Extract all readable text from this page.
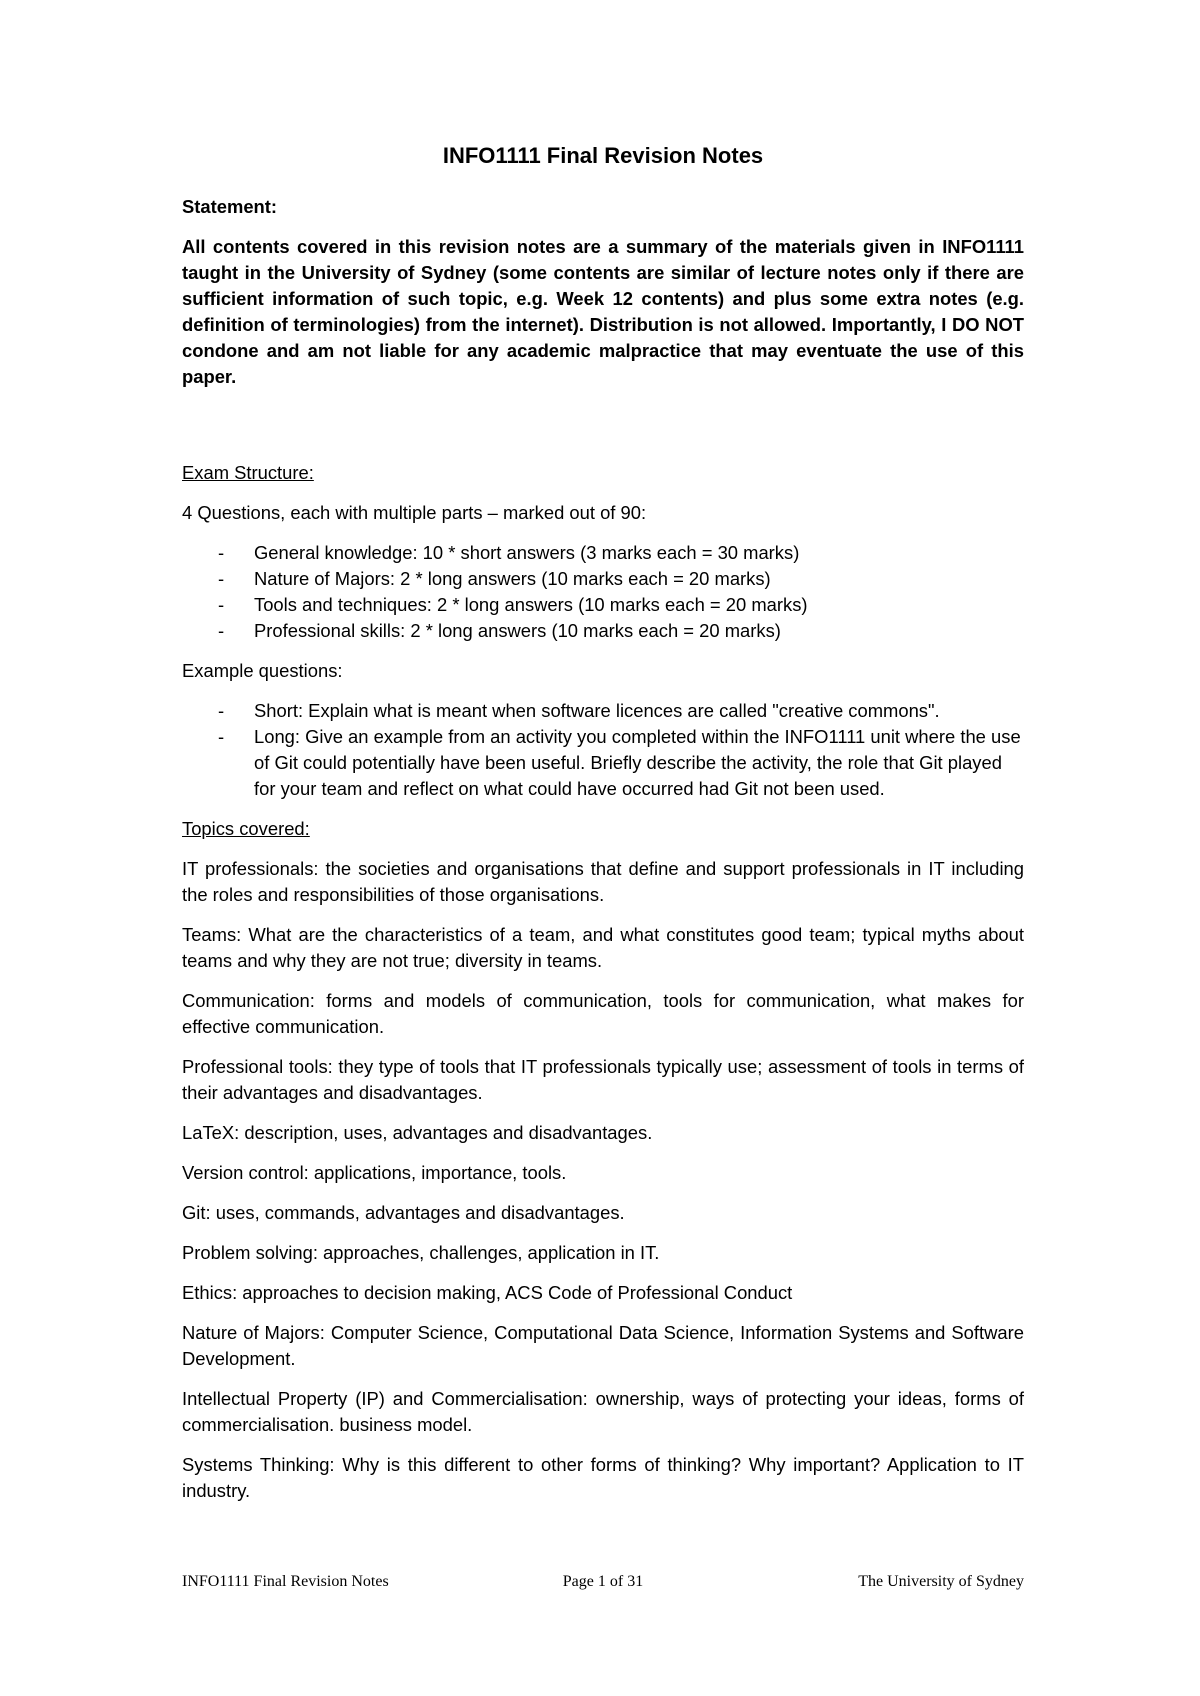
INFO1111 Final Revision Notes
Statement:
All contents covered in this revision notes are a summary of the materials given in INFO1111 taught in the University of Sydney (some contents are similar of lecture notes only if there are sufficient information of such topic, e.g. Week 12 contents) and plus some extra notes (e.g. definition of terminologies) from the internet). Distribution is not allowed. Importantly, I DO NOT condone and am not liable for any academic malpractice that may eventuate the use of this paper.
Exam Structure:

4 Questions, each with multiple parts – marked out of 90:

- General knowledge: 10 * short answers (3 marks each = 30 marks)
- Nature of Majors: 2 * long answers (10 marks each = 20 marks)
- Tools and techniques: 2 * long answers (10 marks each = 20 marks)
- Professional skills: 2 * long answers (10 marks each = 20 marks)

Example questions:

- Short: Explain what is meant when software licences are called "creative commons".
- Long: Give an example from an activity you completed within the INFO1111 unit where the use of Git could potentially have been useful. Briefly describe the activity, the role that Git played for your team and reflect on what could have occurred had Git not been used.
Topics covered:

IT professionals: the societies and organisations that define and support professionals in IT including the roles and responsibilities of those organisations.

Teams: What are the characteristics of a team, and what constitutes good team; typical myths about teams and why they are not true; diversity in teams.

Communication: forms and models of communication, tools for communication, what makes for effective communication.

Professional tools: they type of tools that IT professionals typically use; assessment of tools in terms of their advantages and disadvantages.

LaTeX: description, uses, advantages and disadvantages.

Version control: applications, importance, tools.

Git: uses, commands, advantages and disadvantages.

Problem solving: approaches, challenges, application in IT.

Ethics: approaches to decision making, ACS Code of Professional Conduct

Nature of Majors: Computer Science, Computational Data Science, Information Systems and Software Development.

Intellectual Property (IP) and Commercialisation: ownership, ways of protecting your ideas, forms of commercialisation. business model.

Systems Thinking: Why is this different to other forms of thinking? Why important? Application to IT industry.

INFO1111 Final Revision Notes	Page 1 of 31	The University of Sydney
